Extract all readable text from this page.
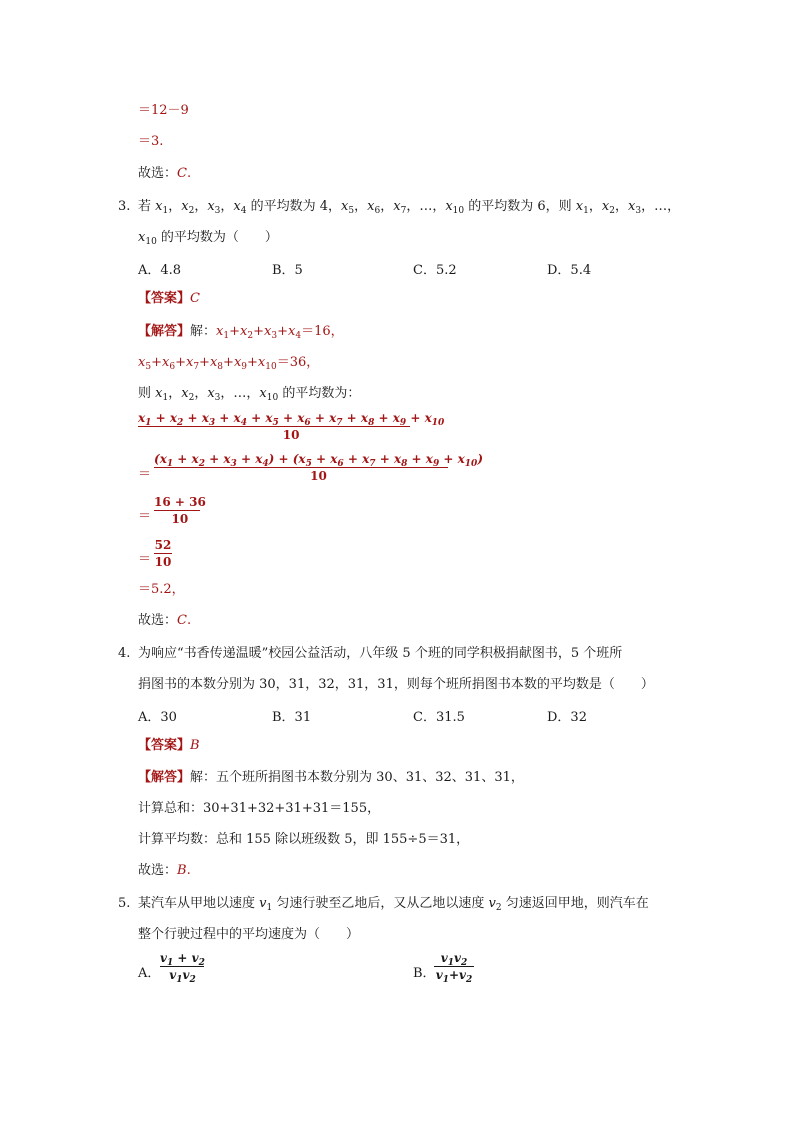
＝12－9
＝3.
故选：C.
3. 若 $x_1$，$x_2$，$x_3$，$x_4$ 的平均数为 4，$x_5$，$x_6$，$x_7$，…，$x_{10}$ 的平均数为 6，则 $x_1$，$x_2$，$x_3$，…，
$x_{10}$ 的平均数为（　　）
A．4.8	B．5	C．5.2	D．5.4
【答案】C
【解答】解：$x_1+x_2+x_3+x_4=16$，
$x_5+x_6+x_7+x_8+x_9+x_{10}=36$，
则 $x_1$，$x_2$，$x_3$，…，$x_{10}$ 的平均数为：
$x_1 + x_2 + x_3 + x_4 + x_5 + x_6 + x_7 + x_8 + x_9 + x_{10}$
10
＝
$(x_1 + x_2 + x_3 + x_4) + (x_5 + x_6 + x_7 + x_8 + x_9 + x_{10})$
10
＝
16 + 36
10
＝
52
10
＝5.2，
故选：C.
4. 为响应“书香传递温暖”校园公益活动，八年级 5 个班的同学积极捐献图书，5 个班所
捐图书的本数分别为 30，31，32，31，31，则每个班所捐图书本数的平均数是（　　）
A．30	B．31	C．31.5	D．32
【答案】B
【解答】解：五个班所捐图书本数分别为 30、31、32、31、31，
计算总和：30+31+32+31+31＝155，
计算平均数：总和 155 除以班级数 5，即 155÷5＝31，
故选：B.
5. 某汽车从甲地以速度 $v_1$ 匀速行驶至乙地后，又从乙地以速度 $v_2$ 匀速返回甲地，则汽车在
整个行驶过程中的平均速度为（　　）
A．
$v_1 + v_2$
$v_1v_2$	B．
$v_1v_2$
$v_1+v_2$
